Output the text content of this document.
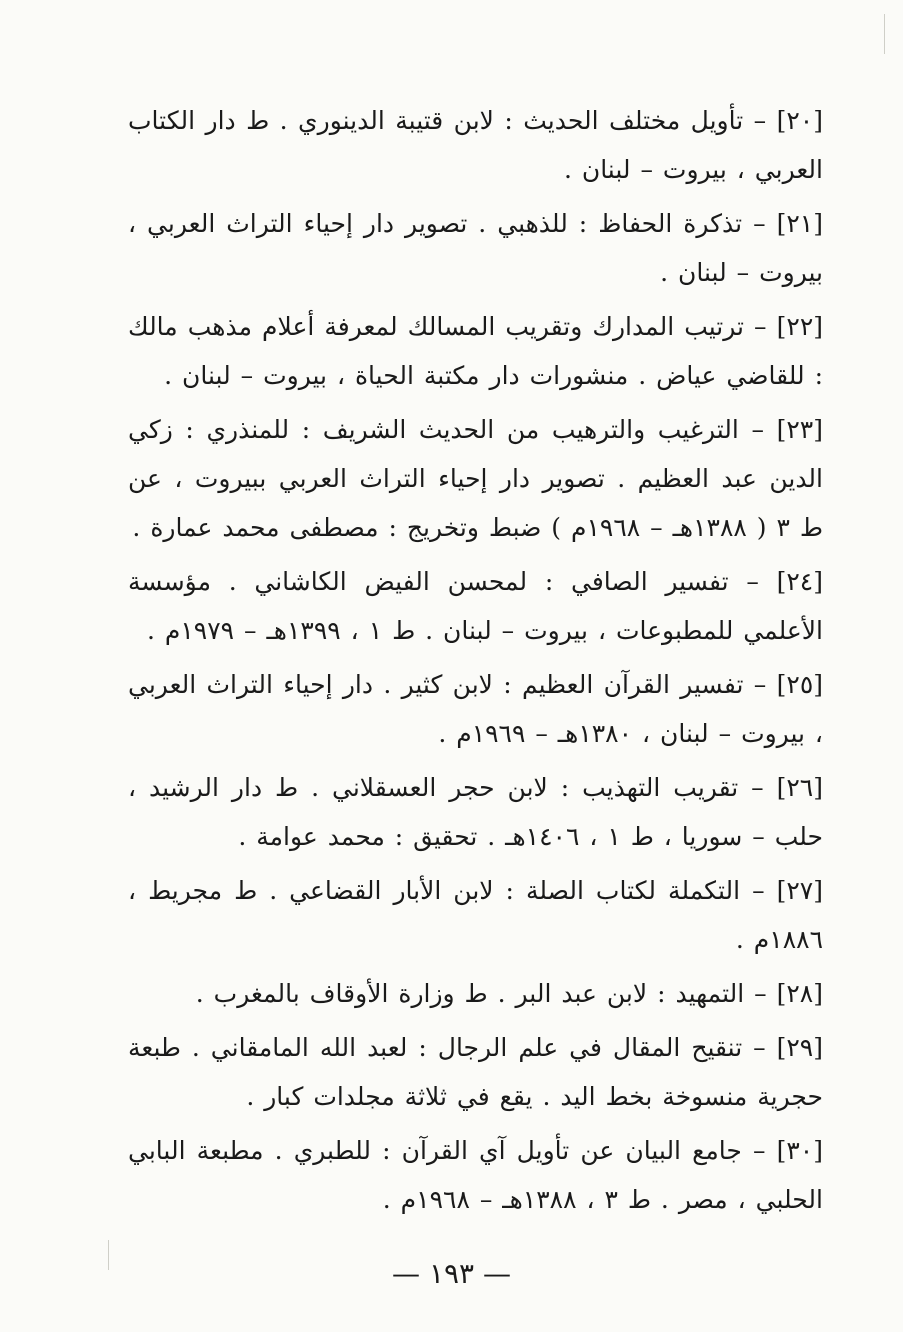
[٢٠] – تأويل مختلف الحديث : لابن قتيبة الدينوري . ط دار الكتاب العربي ، بيروت – لبنان .

[٢١] – تذكرة الحفاظ : للذهبي . تصوير دار إحياء التراث العربي ، بيروت – لبنان .

[٢٢] – ترتيب المدارك وتقريب المسالك لمعرفة أعلام مذهب مالك : للقاضي عياض . منشورات دار مكتبة الحياة ، بيروت – لبنان .

[٢٣] – الترغيب والترهيب من الحديث الشريف : للمنذري : زكي الدين عبد العظيم . تصوير دار إحياء التراث العربي ببيروت ، عن ط ٣ ( ١٣٨٨هـ – ١٩٦٨م ) ضبط وتخريج : مصطفى محمد عمارة .

[٢٤] – تفسير الصافي : لمحسن الفيض الكاشاني . مؤسسة الأعلمي للمطبوعات ، بيروت – لبنان . ط ١ ، ١٣٩٩هـ – ١٩٧٩م .

[٢٥] – تفسير القرآن العظيم : لابن كثير . دار إحياء التراث العربي ، بيروت – لبنان ، ١٣٨٠هـ – ١٩٦٩م .

[٢٦] – تقريب التهذيب : لابن حجر العسقلاني . ط دار الرشيد ، حلب – سوريا ، ط ١ ، ١٤٠٦هـ . تحقيق : محمد عوامة .

[٢٧] – التكملة لكتاب الصلة : لابن الأبار القضاعي . ط مجريط ، ١٨٨٦م .

[٢٨] – التمهيد : لابن عبد البر . ط وزارة الأوقاف بالمغرب .

[٢٩] – تنقيح المقال في علم الرجال : لعبد الله المامقاني . طبعة حجرية منسوخة بخط اليد . يقع في ثلاثة مجلدات كبار .

[٣٠] – جامع البيان عن تأويل آي القرآن : للطبري . مطبعة البابي الحلبي ، مصر . ط ٣ ، ١٣٨٨هـ – ١٩٦٨م .

— ١٩٣ —
